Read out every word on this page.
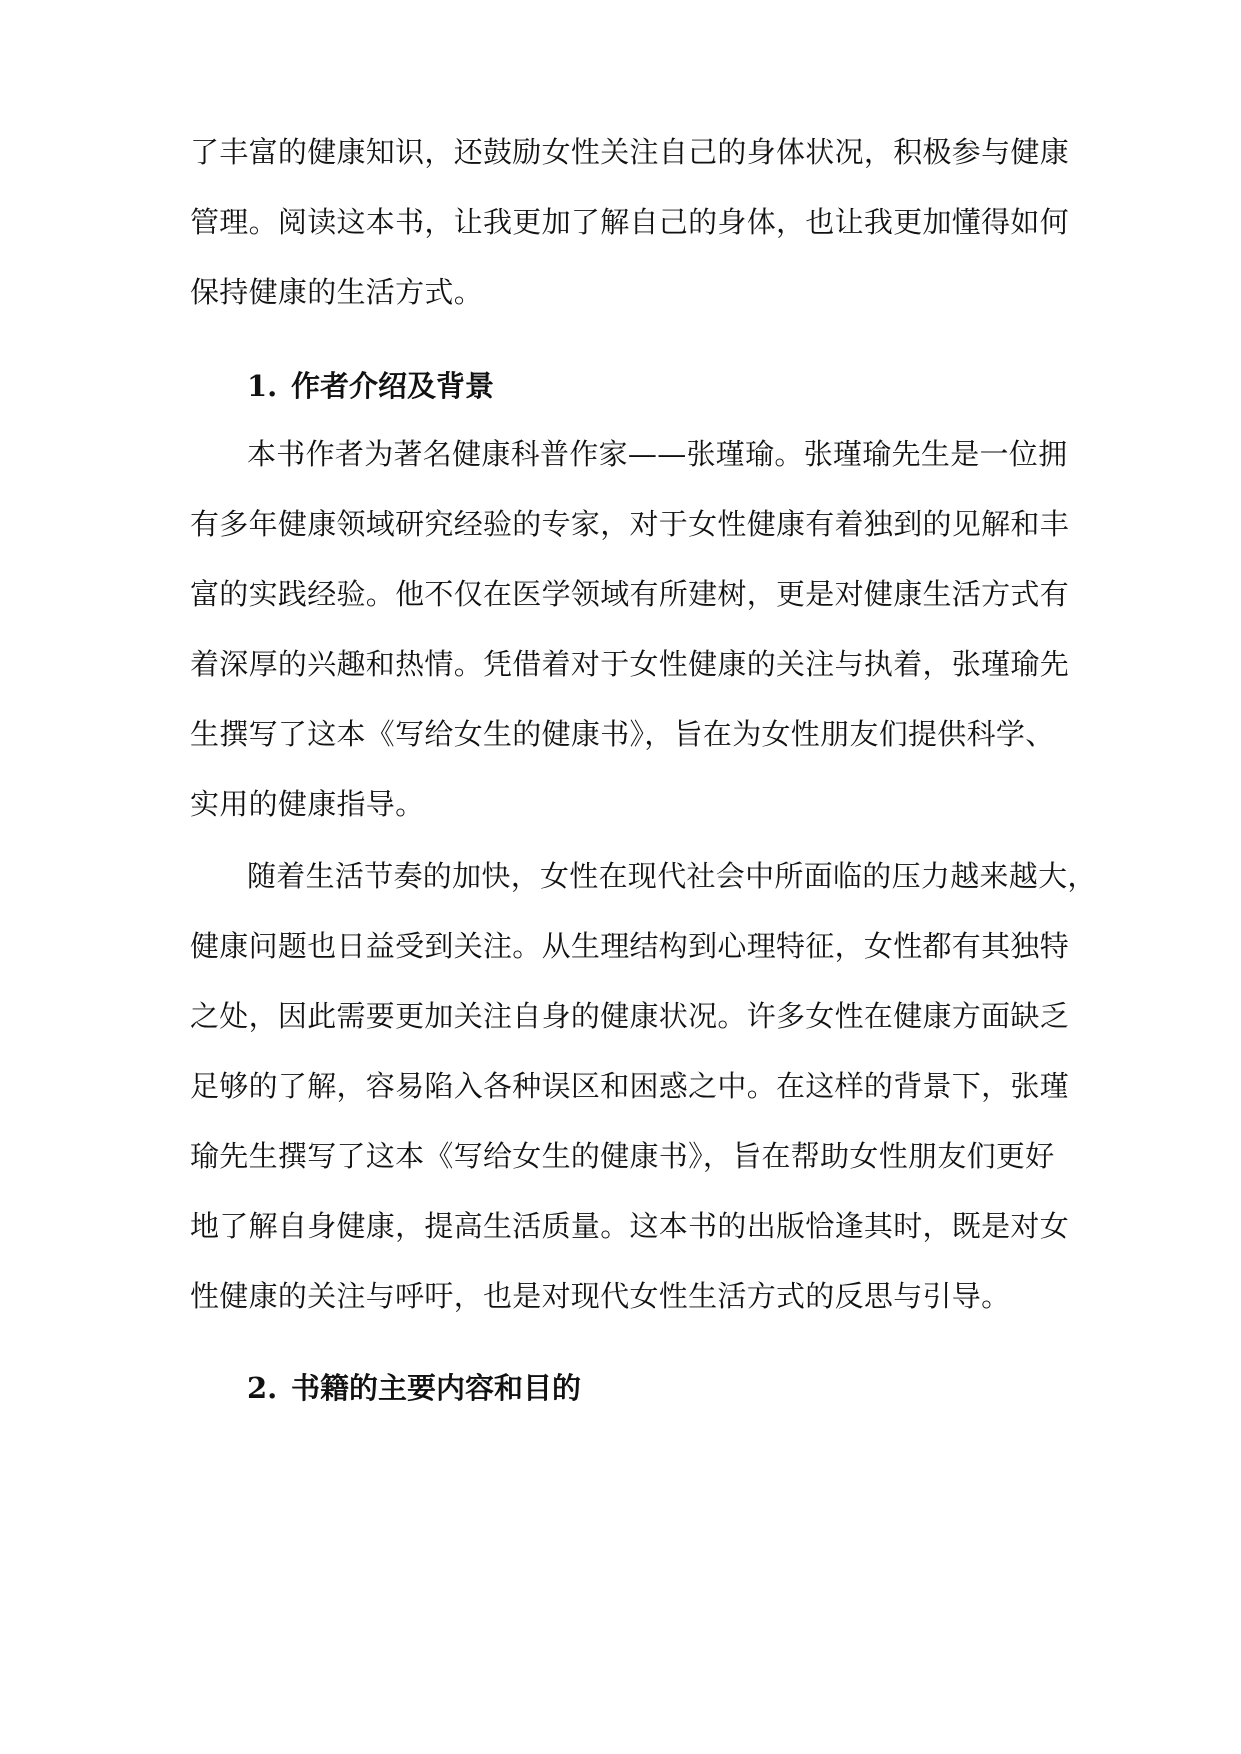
了丰富的健康知识，还鼓励女性关注自己的身体状况，积极参与健康
管理。阅读这本书，让我更加了解自己的身体，也让我更加懂得如何
保持健康的生活方式。
1. 作者介绍及背景
本书作者为著名健康科普作家——张瑾瑜。张瑾瑜先生是一位拥
有多年健康领域研究经验的专家，对于女性健康有着独到的见解和丰
富的实践经验。他不仅在医学领域有所建树，更是对健康生活方式有
着深厚的兴趣和热情。凭借着对于女性健康的关注与执着，张瑾瑜先
生撰写了这本《写给女生的健康书》，旨在为女性朋友们提供科学、
实用的健康指导。
随着生活节奏的加快，女性在现代社会中所面临的压力越来越大，
健康问题也日益受到关注。从生理结构到心理特征，女性都有其独特
之处，因此需要更加关注自身的健康状况。许多女性在健康方面缺乏
足够的了解，容易陷入各种误区和困惑之中。在这样的背景下，张瑾
瑜先生撰写了这本《写给女生的健康书》，旨在帮助女性朋友们更好
地了解自身健康，提高生活质量。这本书的出版恰逢其时，既是对女
性健康的关注与呼吁，也是对现代女性生活方式的反思与引导。
2. 书籍的主要内容和目的
